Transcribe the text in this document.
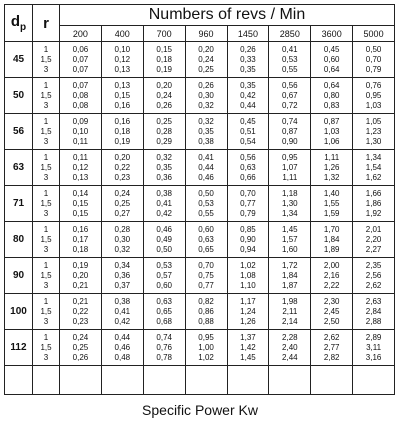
$d_p$	r	Numbers of revs / Min							
		200	400	700	960	1450	2850	3600	5000
45	1
1,5
3	0,06
0,07
0,07	0,10
0,12
0,13	0,15
0,18
0,19	0,20
0,24
0,25	0,26
0,33
0,35	0,41
0,53
0,55	0,45
0,60
0,64	0,50
0,70
0,79

50	1
1,5
3	0,07
0,08
0,08	0,13
0,15
0,16	0,20
0,24
0,26	0,26
0,30
0,32	0,35
0,42
0,44	0,56
0,67
0,72	0,64
0,80
0,83	0,76
0,95
1,03

56	1
1,5
3	0,09
0,10
0,11	0,16
0,18
0,19	0,25
0,28
0,29	0,32
0,35
0,38	0,45
0,51
0,54	0,74
0,87
0,90	0,87
1,03
1,06	1,05
1,23
1,30

63	1
1,5
3	0,11
0,12
0,13	0,20
0,22
0,23	0,32
0,35
0,36	0,41
0,44
0,46	0,56
0,63
0,66	0,95
1,07
1,11	1,11
1,26
1,32	1,34
1,54
1,62

71	1
1,5
3	0,14
0,15
0,15	0,24
0,25
0,27	0,38
0,41
0,42	0,50
0,53
0,55	0,70
0,77
0,79	1,18
1,30
1,34	1,40
1,55
1,59	1,66
1,86
1,92

80	1
1,5
3	0,16
0,17
0,18	0,28
0,30
0,32	0,46
0,49
0,50	0,60
0,63
0,65	0,85
0,90
0,94	1,45
1,57
1,60	1,70
1,84
1,89	2,01
2,20
2,27

90	1
1,5
3	0,19
0,20
0,21	0,34
0,36
0,37	0,53
0,57
0,60	0,70
0,75
0,77	1,02
1,08
1,10	1,72
1,84
1,87	2,00
2,16
2,22	2,35
2,56
2,62

100	1
1,5
3	0,21
0,22
0,23	0,38
0,41
0,42	0,63
0,65
0,68	0,82
0,86
0,88	1,17
1,24
1,26	1,98
2,11
2,14	2,30
2,45
2,50	2,63
2,84
2,88

112	1
1,5
3	0,24
0,25
0,26	0,44
0,46
0,48	0,74
0,76
0,78	0,95
1,00
1,02	1,37
1,42
1,45	2,28
2,40
2,44	2,62
2,77
2,82	2,89
3,11
3,16

Specific Power Kw
